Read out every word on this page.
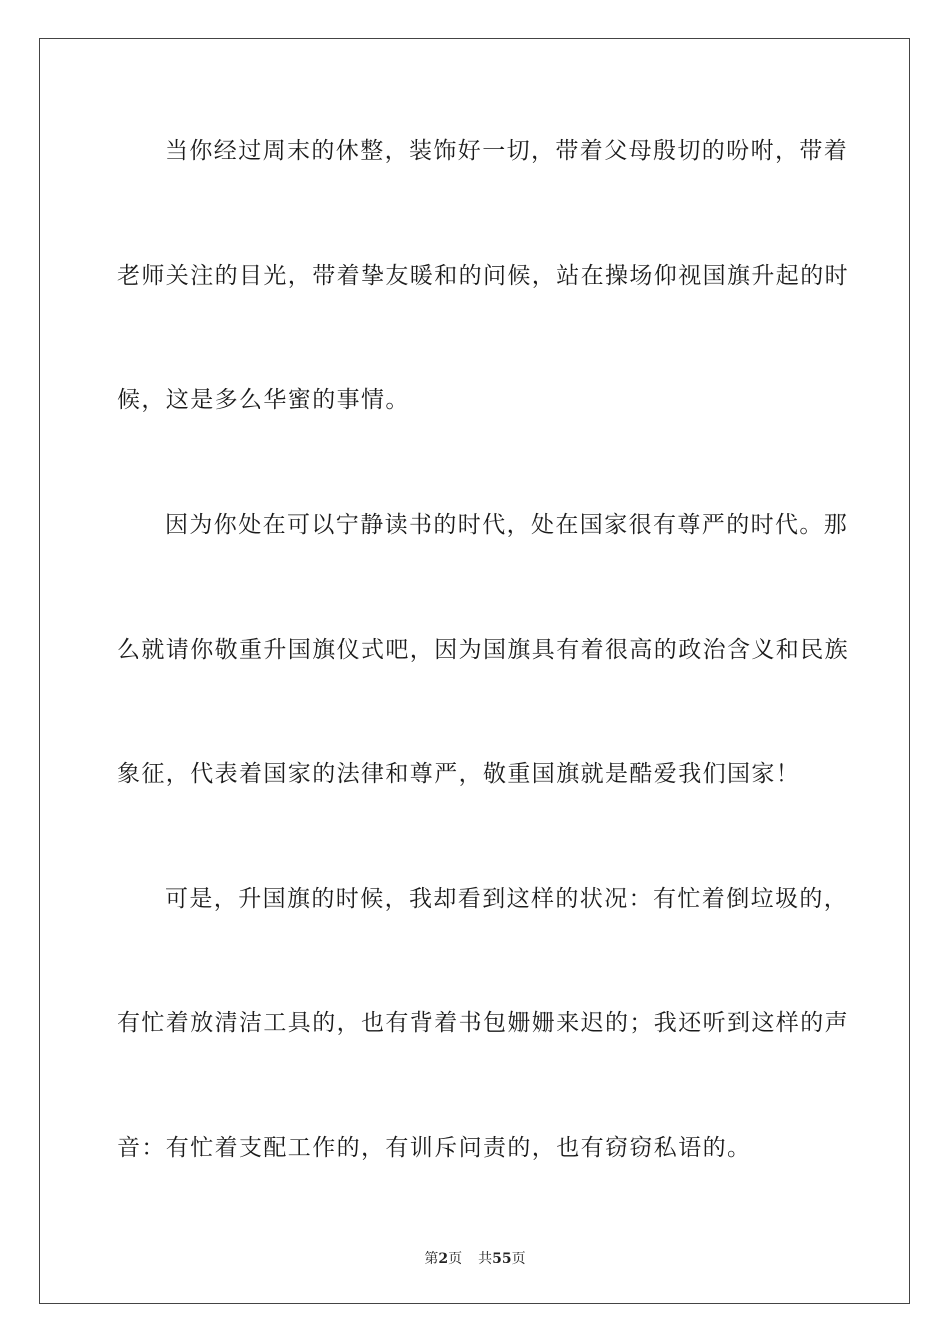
当你经过周末的休整，装饰好一切，带着父母殷切的吩咐，带着
老师关注的目光，带着挚友暖和的问候，站在操场仰视国旗升起的时
候，这是多么华蜜的事情。
因为你处在可以宁静读书的时代，处在国家很有尊严的时代。那
么就请你敬重升国旗仪式吧，因为国旗具有着很高的政治含义和民族
象征，代表着国家的法律和尊严，敬重国旗就是酷爱我们国家！
可是，升国旗的时候，我却看到这样的状况：有忙着倒垃圾的，
有忙着放清洁工具的，也有背着书包姗姗来迟的；我还听到这样的声
音：有忙着支配工作的，有训斥问责的，也有窃窃私语的。
第2页 共55页
